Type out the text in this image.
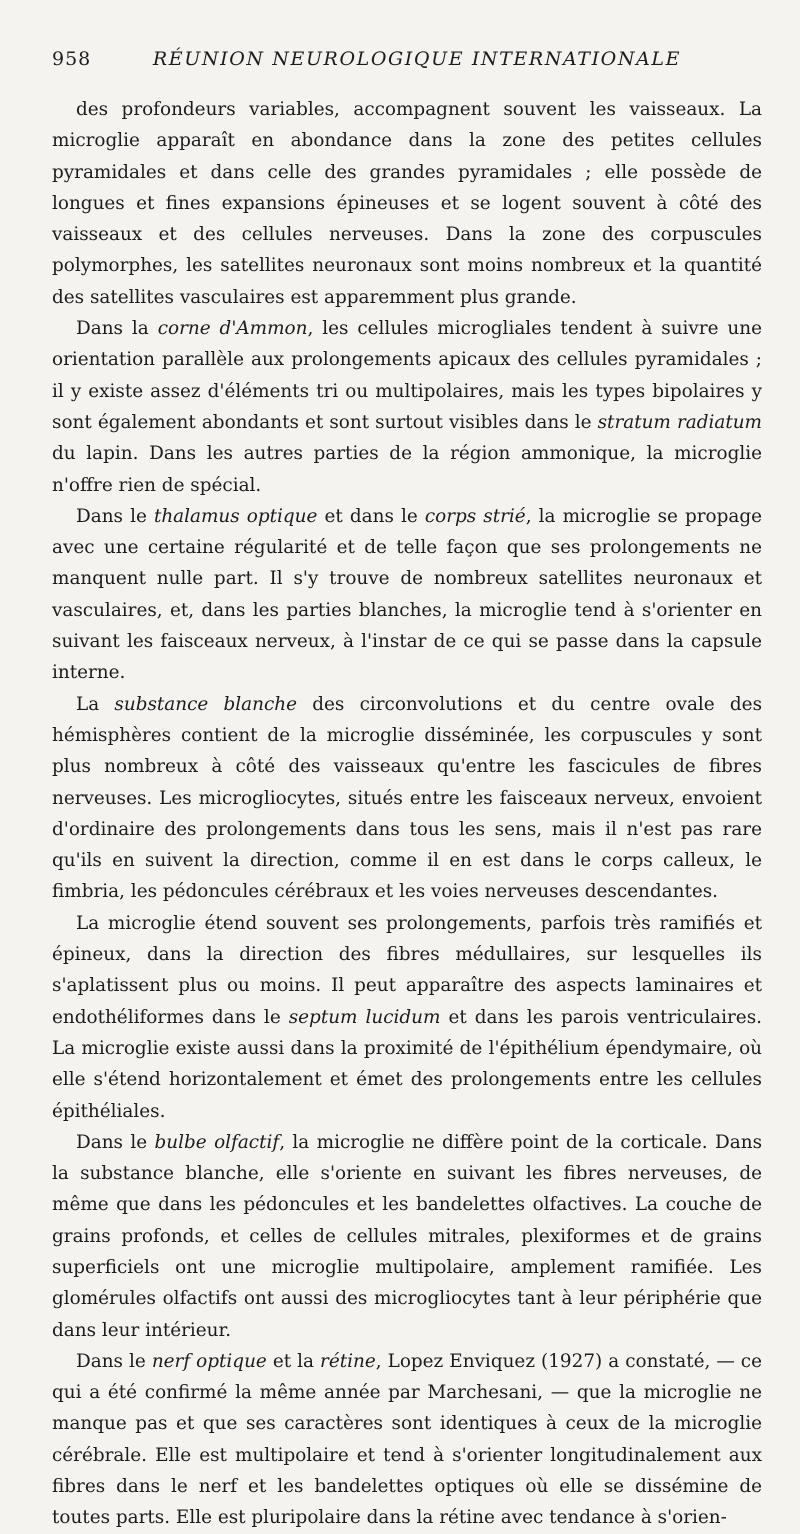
958	RÉUNION NEUROLOGIQUE INTERNATIONALE

des profondeurs variables, accompagnent souvent les vaisseaux. La microglie apparaît en abondance dans la zone des petites cellules pyramidales et dans celle des grandes pyramidales ; elle possède de longues et fines expansions épineuses et se logent souvent à côté des vaisseaux et des cellules nerveuses. Dans la zone des corpuscules polymorphes, les satellites neuronaux sont moins nombreux et la quantité des satellites vasculaires est apparemment plus grande.

Dans la corne d'Ammon, les cellules microgliales tendent à suivre une orientation parallèle aux prolongements apicaux des cellules pyramidales ; il y existe assez d'éléments tri ou multipolaires, mais les types bipolaires y sont également abondants et sont surtout visibles dans le stratum radiatum du lapin. Dans les autres parties de la région ammonique, la microglie n'offre rien de spécial.

Dans le thalamus optique et dans le corps strié, la microglie se propage avec une certaine régularité et de telle façon que ses prolongements ne manquent nulle part. Il s'y trouve de nombreux satellites neuronaux et vasculaires, et, dans les parties blanches, la microglie tend à s'orienter en suivant les faisceaux nerveux, à l'instar de ce qui se passe dans la capsule interne.

La substance blanche des circonvolutions et du centre ovale des hémisphères contient de la microglie disséminée, les corpuscules y sont plus nombreux à côté des vaisseaux qu'entre les fascicules de fibres nerveuses. Les microgliocytes, situés entre les faisceaux nerveux, envoient d'ordinaire des prolongements dans tous les sens, mais il n'est pas rare qu'ils en suivent la direction, comme il en est dans le corps calleux, le fimbria, les pédoncules cérébraux et les voies nerveuses descendantes.

La microglie étend souvent ses prolongements, parfois très ramifiés et épineux, dans la direction des fibres médullaires, sur lesquelles ils s'aplatissent plus ou moins. Il peut apparaître des aspects laminaires et endothéliformes dans le septum lucidum et dans les parois ventriculaires. La microglie existe aussi dans la proximité de l'épithélium épendymaire, où elle s'étend horizontalement et émet des prolongements entre les cellules épithéliales.

Dans le bulbe olfactif, la microglie ne diffère point de la corticale. Dans la substance blanche, elle s'oriente en suivant les fibres nerveuses, de même que dans les pédoncules et les bandelettes olfactives. La couche de grains profonds, et celles de cellules mitrales, plexiformes et de grains superficiels ont une microglie multipolaire, amplement ramifiée. Les glomérules olfactifs ont aussi des microgliocytes tant à leur périphérie que dans leur intérieur.

Dans le nerf optique et la rétine, Lopez Enviquez (1927) a constaté, — ce qui a été confirmé la même année par Marchesani, — que la microglie ne manque pas et que ses caractères sont identiques à ceux de la microglie cérébrale. Elle est multipolaire et tend à s'orienter longitudinalement aux fibres dans le nerf et les bandelettes optiques où elle se dissémine de toutes parts. Elle est pluripolaire dans la rétine avec tendance à s'orien-
